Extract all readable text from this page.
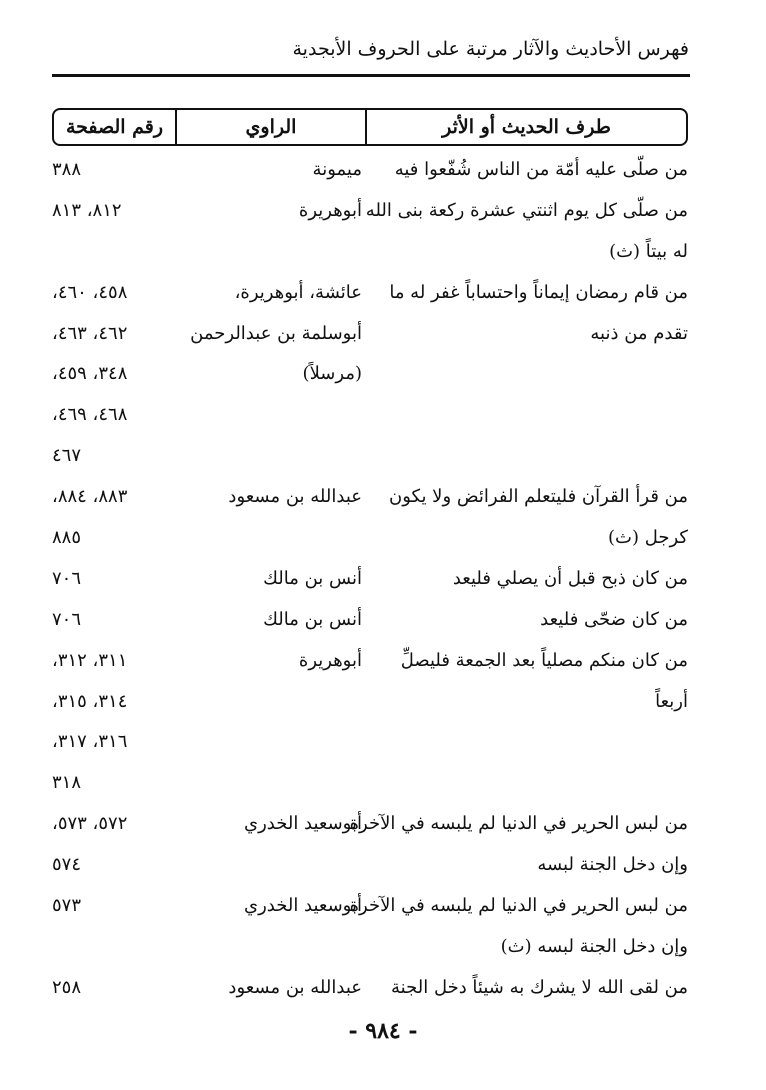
فهرس الأحاديث والآثار مرتبة على الحروف الأبجدية
طرف الحديث أو الأثر
الراوي
رقم الصفحة
من صلّى عليه أمّة من الناس شُفّعوا فيه
ميمونة
٣٨٨
من صلّى كل يوم اثنتي عشرة ركعة بنى الله
أبوهريرة
٨١٢، ٨١٣
له بيتاً (ث)
من قام رمضان إيماناً واحتساباً غفر له ما
عائشة، أبوهريرة،
٤٥٨، ٤٦٠،
تقدم من ذنبه
أبوسلمة بن عبدالرحمن
٤٦٢، ٤٦٣،
(مرسلاً)
٣٤٨، ٤٥٩،
٤٦٨، ٤٦٩،
٤٦٧
من قرأ القرآن فليتعلم الفرائض ولا يكون
عبدالله بن مسعود
٨٨٣، ٨٨٤،
كرجل (ث)
٨٨٥
من كان ذبح قبل أن يصلي فليعد
أنس بن مالك
٧٠٦
من كان ضحّى فليعد
أنس بن مالك
٧٠٦
من كان منكم مصلياً بعد الجمعة فليصلِّ
أبوهريرة
٣١١، ٣١٢،
أربعاً
٣١٤، ٣١٥،
٣١٦، ٣١٧،
٣١٨
من لبس الحرير في الدنيا لم يلبسه في الآخرة
أبوسعيد الخدري
٥٧٢، ٥٧٣،
وإن دخل الجنة لبسه
٥٧٤
من لبس الحرير في الدنيا لم يلبسه في الآخرة
أبوسعيد الخدري
٥٧٣
وإن دخل الجنة لبسه (ث)
من لقى الله لا يشرك به شيئاً دخل الجنة
عبدالله بن مسعود
٢٥٨
- ٩٨٤ -
